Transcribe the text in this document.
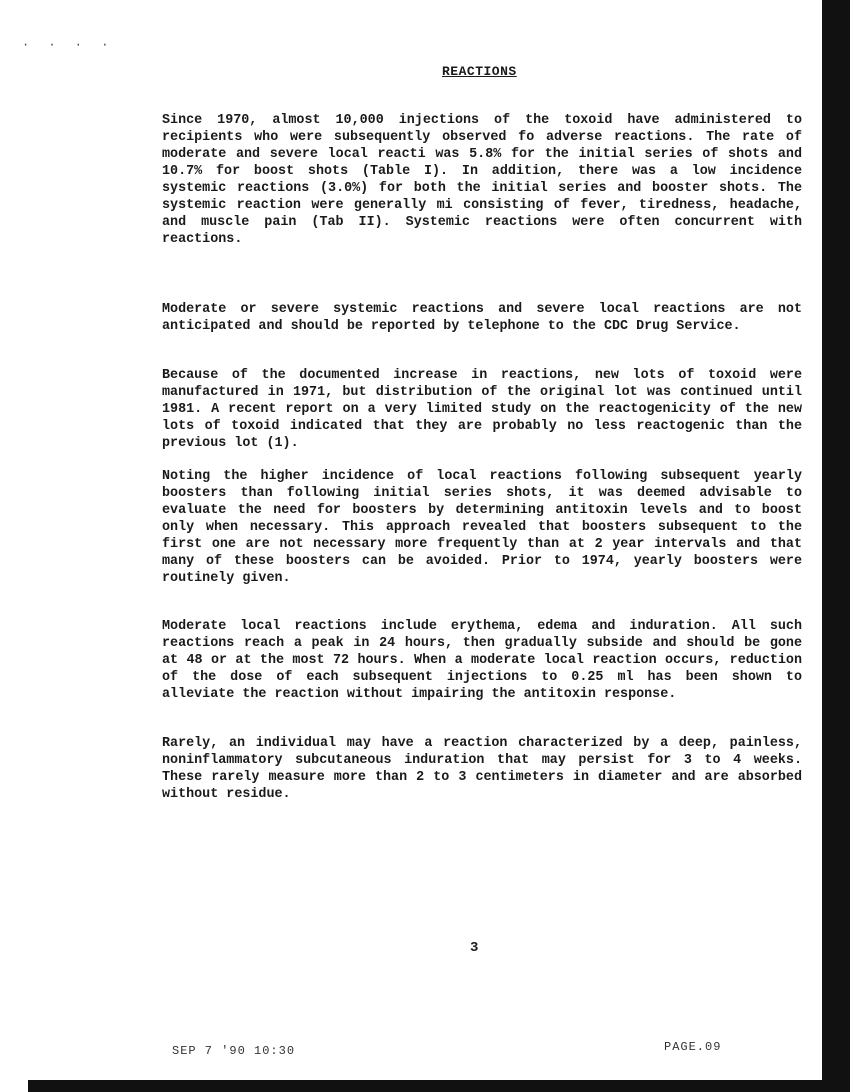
· · · ·
REACTIONS

Since 1970, almost 10,000 injections of the toxoid have administered to recipients who were subsequently observed fo adverse reactions. The rate of moderate and severe local reacti was 5.8% for the initial series of shots and 10.7% for boost shots (Table I). In addition, there was a low incidence systemic reactions (3.0%) for both the initial series and booster shots. The systemic reaction were generally mi consisting of fever, tiredness, headache, and muscle pain (Tab II). Systemic reactions were often concurrent with reactions.

Moderate or severe systemic reactions and severe local reactions are not anticipated and should be reported by telephone to the CDC Drug Service.

Because of the documented increase in reactions, new lots of toxoid were manufactured in 1971, but distribution of the original lot was continued until 1981. A recent report on a very limited study on the reactogenicity of the new lots of toxoid indicated that they are probably no less reactogenic than the previous lot (1).

Noting the higher incidence of local reactions following subsequent yearly boosters than following initial series shots, it was deemed advisable to evaluate the need for boosters by determining antitoxin levels and to boost only when necessary. This approach revealed that boosters subsequent to the first one are not necessary more frequently than at 2 year intervals and that many of these boosters can be avoided. Prior to 1974, yearly boosters were routinely given.

Moderate local reactions include erythema, edema and induration. All such reactions reach a peak in 24 hours, then gradually subside and should be gone at 48 or at the most 72 hours. When a moderate local reaction occurs, reduction of the dose of each subsequent injections to 0.25 ml has been shown to alleviate the reaction without impairing the antitoxin response.

Rarely, an individual may have a reaction characterized by a deep, painless, noninflammatory subcutaneous induration that may persist for 3 to 4 weeks. These rarely measure more than 2 to 3 centimeters in diameter and are absorbed without residue.

3
SEP 7 '90 10:30	PAGE.09
